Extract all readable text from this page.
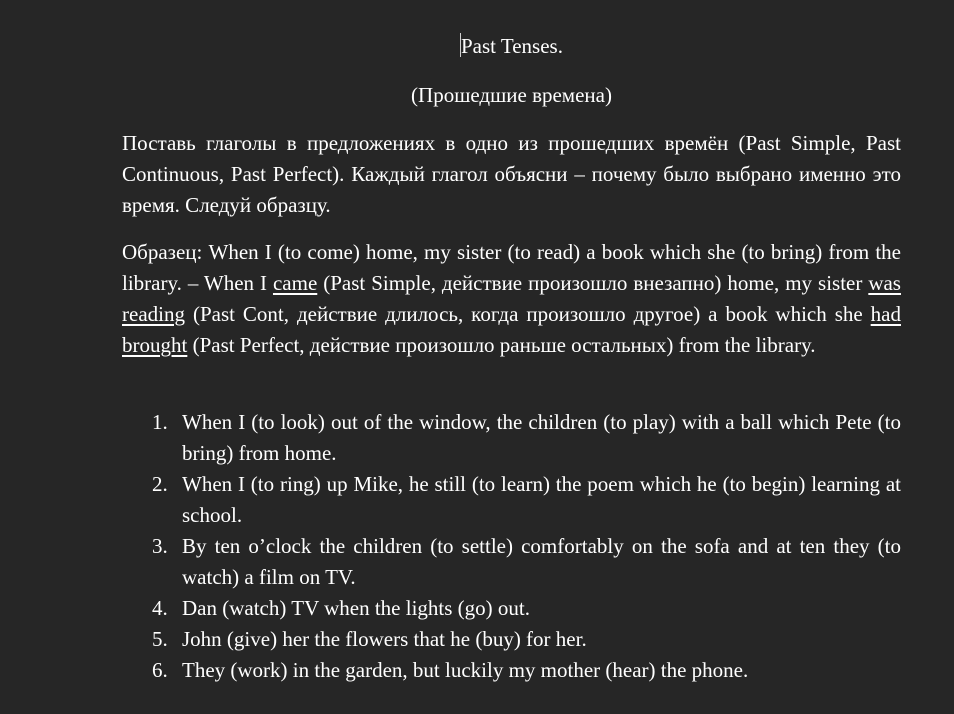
Past Tenses.

(Прошедшие времена)

Поставь глаголы в предложениях в одно из прошедших времён (Past Simple, Past Continuous, Past Perfect). Каждый глагол объясни – почему было выбрано именно это время. Следуй образцу.

Образец: When I (to come) home, my sister (to read) a book which she (to bring) from the library. – When I came (Past Simple, действие произошло внезапно) home, my sister was reading (Past Cont, действие длилось, когда произошло другое) a book which she had brought (Past Perfect, действие произошло раньше остальных) from the library.

1. When I (to look) out of the window, the children (to play) with a ball which Pete (to bring) from home.
2. When I (to ring) up Mike, he still (to learn) the poem which he (to begin) learning at school.
3. By ten o’clock the children (to settle) comfortably on the sofa and at ten they (to watch) a film on TV.
4. Dan (watch) TV when the lights (go) out.
5. John (give) her the flowers that he (buy) for her.
6. They (work) in the garden, but luckily my mother (hear) the phone.
